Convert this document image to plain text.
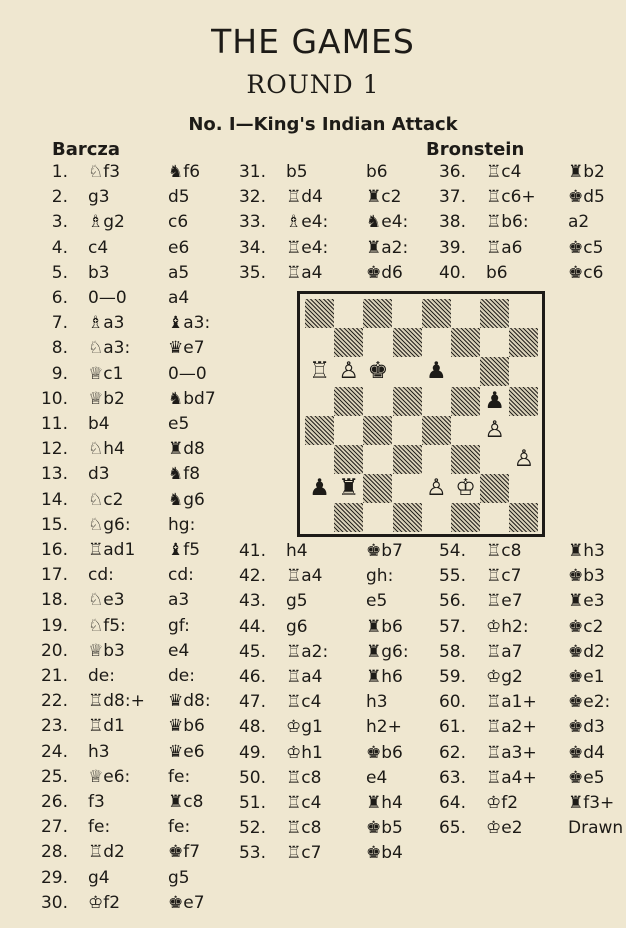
THE GAMES
ROUND 1
No. I—King's Indian Attack
Barcza	Bronstein
1. ♘f3	♞f6
2. g3	d5
3. ♗g2	c6
4. c4	e6
5. b3	a5
6. 0—0 a4
7. ♗a3	♝a3:
8. ♘a3: ♛e7
9. ♕c1	0—0
10. ♕b2	♞bd7
11. b4	e5
12. ♘h4	♜d8
13. d3	♞f8
14. ♘c2	♞g6
15. ♘g6: hg:
16. ♖ad1 ♝f5
17. cd:	cd:
18. ♘e3	a3
19. ♘f5: gf:
20. ♕b3	e4
21. de:	de:
22. ♖d8:+ ♛d8:
23. ♖d1	♛b6
24. h3	♛e6
25. ♕e6: fe:
26. f3	♜c8
27. fe:	fe:
28. ♖d2	♚f7
29. g4	g5
30. ♔f2	♚e7
31. b5	b6
32. ♖d4	♜c2
33. ♗e4: ♞e4:
34. ♖e4: ♜a2:
35. ♖a4	♚d6
36. ♖c4	♜b2
37. ♖c6+ ♚d5
38. ♖b6: a2
39. ♖a6	♚c5
40. b6	♚c6
41. h4	♚b7
42. ♖a4	gh:
43. g5	e5
44. g6	♜b6
45. ♖a2: ♜g6:
46. ♖a4	♜h6
47. ♖c4	h3
48. ♔g1	h2+
49. ♔h1	♚b6
50. ♖c8	e4
51. ♖c4	♜h4
52. ♖c8	♚b5
53. ♖c7	♚b4
54. ♖c8	♜h3
55. ♖c7	♚b3
56. ♖e7	♜e3
57. ♔h2: ♚c2
58. ♖a7	♚d2
59. ♔g2	♚e1
60. ♖a1+ ♚e2:
61. ♖a2+ ♚d3
62. ♖a3+ ♚d4
63. ♖a4+ ♚e5
64. ♔f2	♜f3+
65. ♔e2	Drawn
♖ ♙ ♚ ♟
♟
♙
♙
♟ ♜	♙ ♔
